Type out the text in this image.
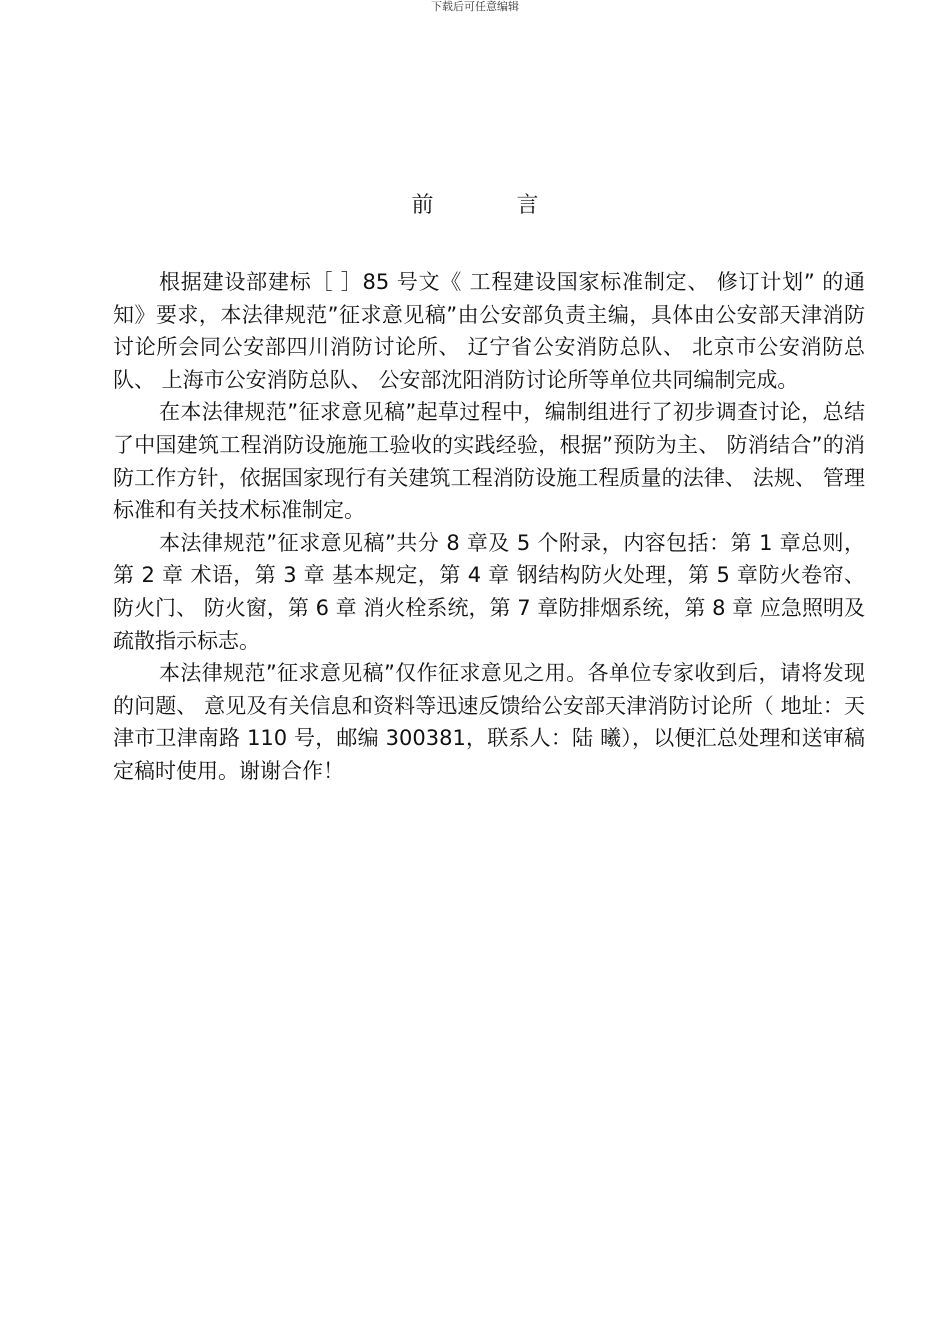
下载后可任意编辑
前 言

根据建设部建标［ ］85 号文《 工程建设国家标准制定、 修订计划” 的通知》要求，本法律规范”征求意见稿”由公安部负责主编，具体由公安部天津消防讨论所会同公安部四川消防讨论所、 辽宁省公安消防总队、 北京市公安消防总队、 上海市公安消防总队、 公安部沈阳消防讨论所等单位共同编制完成。

在本法律规范”征求意见稿”起草过程中，编制组进行了初步调查讨论，总结了中国建筑工程消防设施施工验收的实践经验，根据”预防为主、 防消结合”的消防工作方针，依据国家现行有关建筑工程消防设施工程质量的法律、 法规、 管理标准和有关技术标准制定。

本法律规范”征求意见稿”共分 8 章及 5 个附录，内容包括：第 1 章总则，第 2 章 术语，第 3 章 基本规定，第 4 章 钢结构防火处理，第 5 章防火卷帘、 防火门、 防火窗，第 6 章 消火栓系统，第 7 章防排烟系统，第 8 章 应急照明及疏散指示标志。

本法律规范”征求意见稿”仅作征求意见之用。各单位专家收到后，请将发现的问题、 意见及有关信息和资料等迅速反馈给公安部天津消防讨论所（ 地址：天津市卫津南路 110 号，邮编 300381，联系人：陆 曦），以便汇总处理和送审稿定稿时使用。谢谢合作！
